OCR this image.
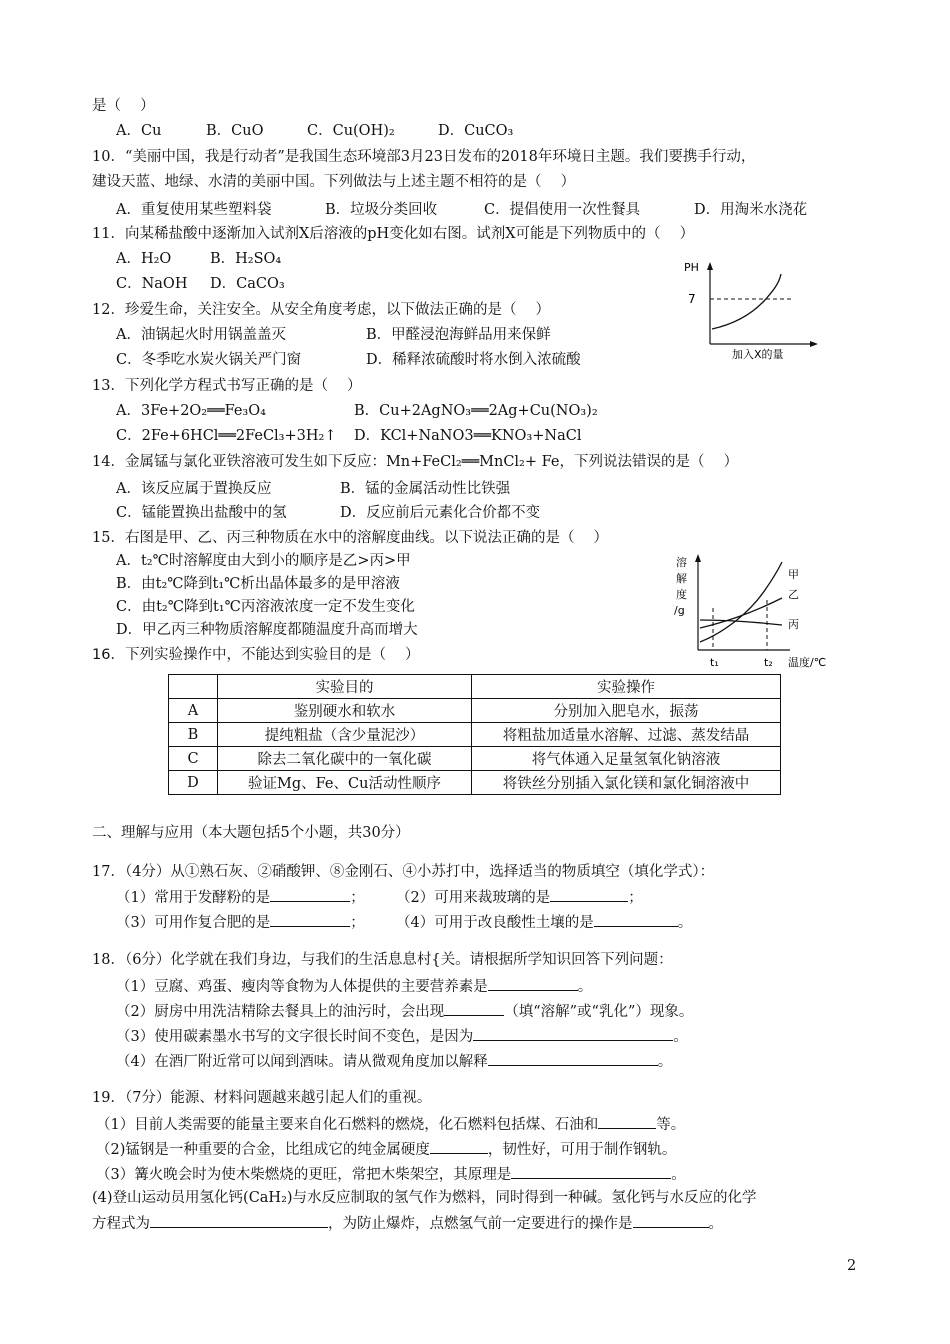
是（　 ）
A．Cu	B．CuO	C．Cu(OH)₂	D．CuCO₃
10．“美丽中国，我是行动者”是我国生态环境部3月23日发布的2018年环境日主题。我们要携手行动，
建设天蓝、地绿、水清的美丽中国。下列做法与上述主题不相符的是（　 ）
A．重复使用某些塑料袋	B．垃圾分类回收	C．提倡使用一次性餐具	D．用淘米水浇花
11．向某稀盐酸中逐渐加入试剂X后溶液的pH变化如右图。试剂X可能是下列物质中的（　 ）
A．H₂O	B．H₂SO₄
C．NaOH D．CaCO₃
PH
7
加入X的量
12．珍爱生命，关注安全。从安全角度考虑，以下做法正确的是（　 ）
A．油锅起火时用锅盖盖灭	B．甲醛浸泡海鲜品用来保鲜
C．冬季吃水炭火锅关严门窗	D．稀释浓硫酸时将水倒入浓硫酸
13．下列化学方程式书写正确的是（　 ）
A．3Fe+2O₂══Fe₃O₄	B．Cu+2AgNO₃══2Ag+Cu(NO₃)₂
C．2Fe+6HCl══2FeCl₃+3H₂↑ D．KCl+NaNO3══KNO₃+NaCl
14．金属锰与氯化亚铁溶液可发生如下反应：Mn+FeCl₂══MnCl₂+ Fe，下列说法错误的是（　 ）
A．该反应属于置换反应	B．锰的金属活动性比铁强
C．锰能置换出盐酸中的氢	D．反应前后元素化合价都不变
15．右图是甲、乙、丙三种物质在水中的溶解度曲线。以下说法正确的是（　 ）
A．t₂℃时溶解度由大到小的顺序是乙>丙>甲
B．由t₂℃降到t₁℃析出晶体最多的是甲溶液
C．由t₂℃降到t₁℃丙溶液浓度一定不发生变化
D．甲乙丙三种物质溶解度都随温度升高而增大
溶
解
度
/g
甲
乙
丙
t₁	t₂ 温度/℃
16．下列实验操作中，不能达到实验目的是（　 ）
	实验目的	实验操作
A	鉴别硬水和软水	分别加入肥皂水，振荡
B	提纯粗盐（含少量泥沙）	将粗盐加适量水溶解、过滤、蒸发结晶
C	除去二氧化碳中的一氧化碳	将气体通入足量氢氧化钠溶液
D	验证Mg、Fe、Cu活动性顺序	将铁丝分别插入氯化镁和氯化铜溶液中
二、理解与应用（本大题包括5个小题，共30分）
17．（4分）从①熟石灰、②硝酸钾、⑧金刚石、④小苏打中，选择适当的物质填空（填化学式）：
（1）常用于发酵粉的是	； （2）可用来裁玻璃的是	；
（3）可用作复合肥的是	； （4）可用于改良酸性土壤的是	。
18．（6分）化学就在我们身边，与我们的生活息息村{关。请根据所学知识回答下列问题：
（1）豆腐、鸡蛋、瘦肉等食物为人体提供的主要营养素是	。
（2）厨房中用洗洁精除去餐具上的油污时，会出现	（填“溶解”或“乳化”）现象。
（3）使用碳素墨水书写的文字很长时间不变色，是因为	。
（4）在酒厂附近常可以闻到酒味。请从微观角度加以解释	。
19．（7分）能源、材料问题越来越引起人们的重视。
（1）目前人类需要的能量主要来自化石燃料的燃烧，化石燃料包括煤、石油和	等。
（2)锰钢是一种重要的合金，比组成它的纯金属硬度	，韧性好，可用于制作钢轨。
（3）篝火晚会时为使木柴燃烧的更旺，常把木柴架空，其原理是	。
(4)登山运动员用氢化钙(CaH₂)与水反应制取的氢气作为燃料，同时得到一种碱。氢化钙与水反应的化学
方程式为	，为防止爆炸，点燃氢气前一定要进行的操作是	。
2
